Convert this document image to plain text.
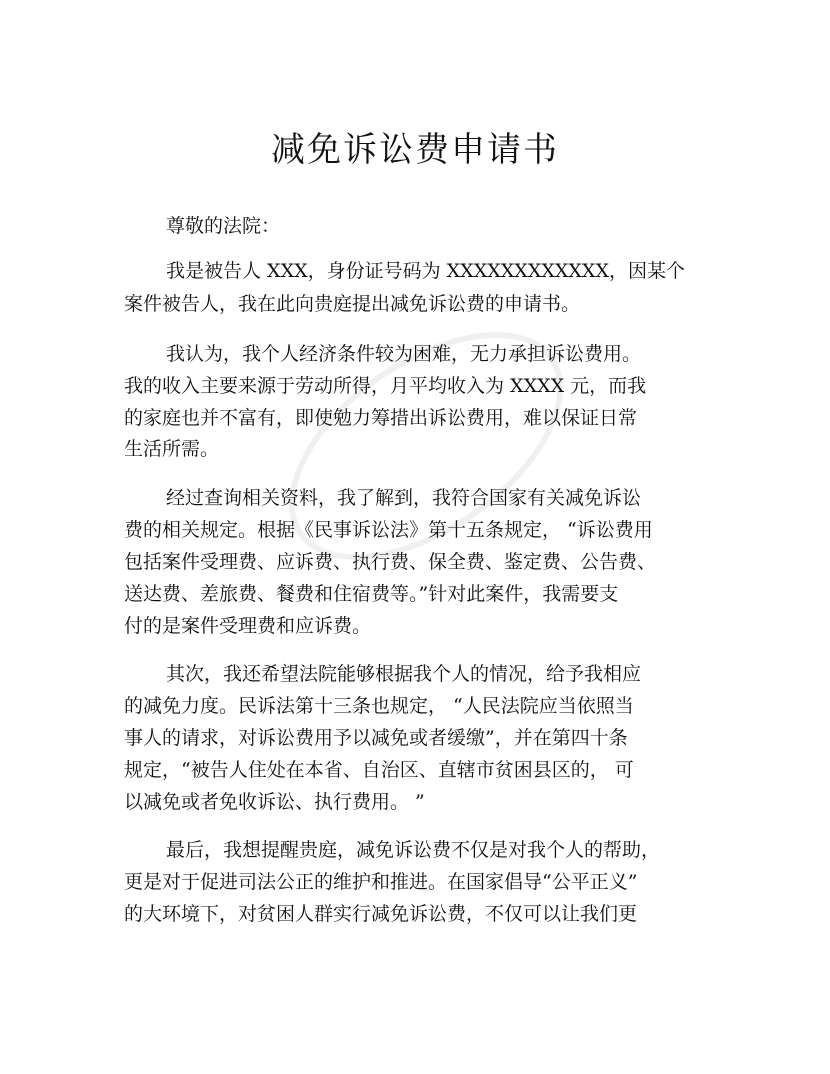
减免诉讼费申请书

尊敬的法院：

我是被告人 XXX，身份证号码为 XXXXXXXXXXXX，因某个

案件被告人，我在此向贵庭提出减免诉讼费的申请书。

我认为，我个人经济条件较为困难，无力承担诉讼费用。

我的收入主要来源于劳动所得，月平均收入为 XXXX 元，而我

的家庭也并不富有，即使勉力筹措出诉讼费用，难以保证日常

生活所需。

经过查询相关资料，我了解到，我符合国家有关减免诉讼

费的相关规定。根据《民事诉讼法》第十五条规定， “诉讼费用

包括案件受理费、应诉费、执行费、保全费、鉴定费、公告费、

送达费、差旅费、餐费和住宿费等。”针对此案件，我需要支

付的是案件受理费和应诉费。

其次，我还希望法院能够根据我个人的情况，给予我相应

的减免力度。民诉法第十三条也规定， “人民法院应当依照当

事人的请求，对诉讼费用予以减免或者缓缴”，并在第四十条

规定，“被告人住处在本省、自治区、直辖市贫困县区的， 可

以减免或者免收诉讼、执行费用。 ”

最后，我想提醒贵庭，减免诉讼费不仅是对我个人的帮助，

更是对于促进司法公正的维护和推进。在国家倡导“公平正义”

的大环境下，对贫困人群实行减免诉讼费，不仅可以让我们更
